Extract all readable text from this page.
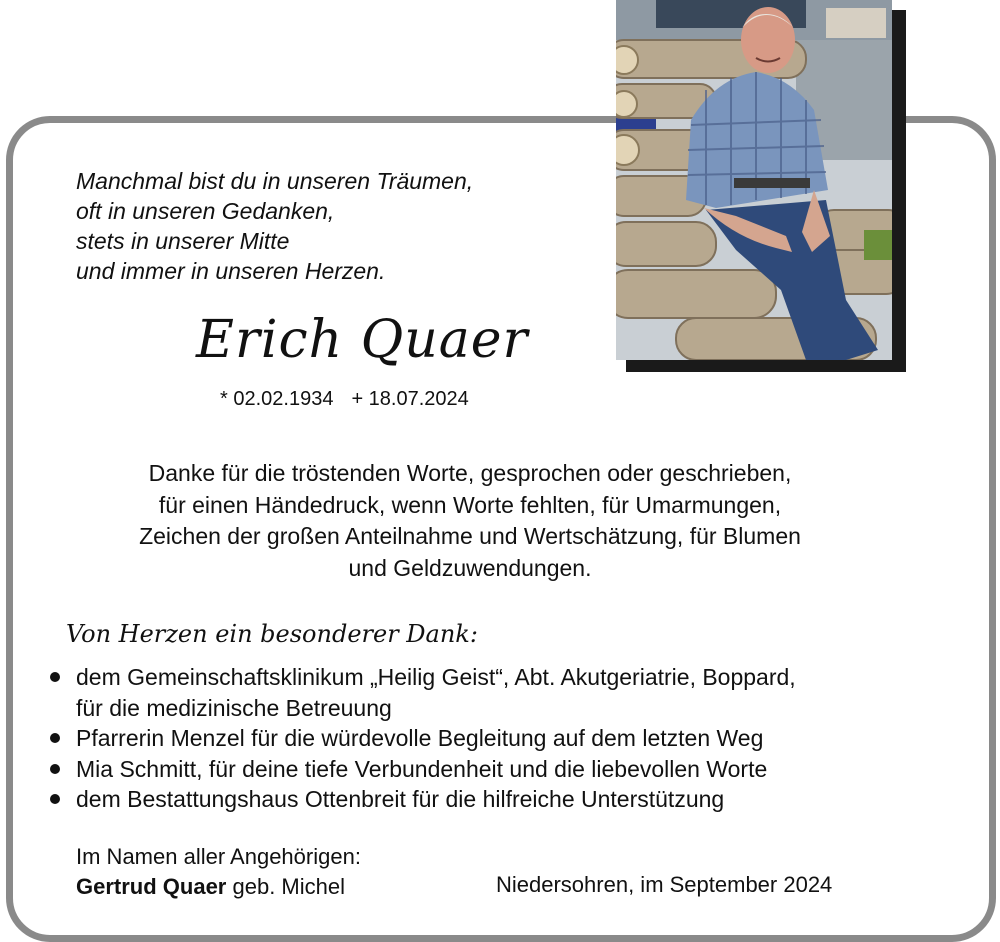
Manchmal bist du in unseren Träumen,
oft in unseren Gedanken,
stets in unserer Mitte
und immer in unseren Herzen.
Erich Quaer
* 02.02.1934 + 18.07.2024
Danke für die tröstenden Worte, gesprochen oder geschrieben,
für einen Händedruck, wenn Worte fehlten, für Umarmungen,
Zeichen der großen Anteilnahme und Wertschätzung, für Blumen
und Geldzuwendungen.
Von Herzen ein besonderer Dank:
dem Gemeinschaftsklinikum „Heilig Geist“, Abt. Akutgeriatrie, Boppard,
für die medizinische Betreuung
Pfarrerin Menzel für die würdevolle Begleitung auf dem letzten Weg
Mia Schmitt, für deine tiefe Verbundenheit und die liebevollen Worte
dem Bestattungshaus Ottenbreit für die hilfreiche Unterstützung
Im Namen aller Angehörigen:
Gertrud Quaer geb. Michel	Niedersohren, im September 2024
